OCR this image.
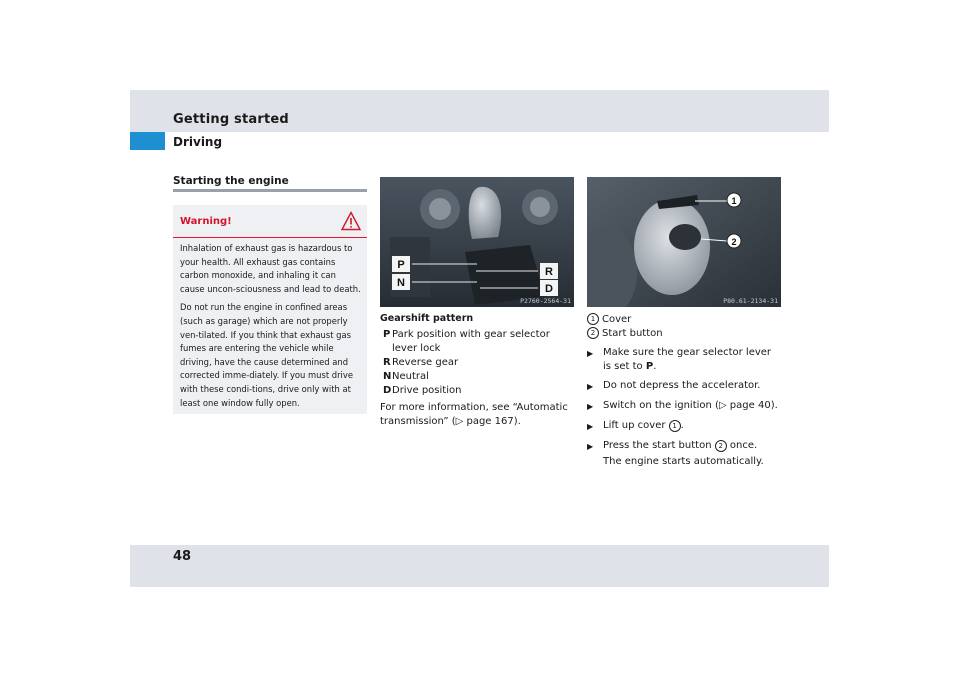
Getting started
Driving
Starting the engine
Warning!

Inhalation of exhaust gas is hazardous to your health. All exhaust gas contains carbon monoxide, and inhaling it can cause uncon-sciousness and lead to death.

Do not run the engine in confined areas (such as garage) which are not properly ven-tilated. If you think that exhaust gas fumes are entering the vehicle while driving, have the cause determined and corrected imme-diately. If you must drive with these condi-tions, drive only with at least one window fully open.

P
N
R
D
P2760-2564-31
Gearshift pattern
P Park position with gear selector lever lock
R Reverse gear
N Neutral
D Drive position
For more information, see “Automatic transmission” (▷ page 167).
1
2
P80.61-2134-31
1 Cover
2 Start button
▶ Make sure the gear selector lever is set to P.
▶ Do not depress the accelerator.
▶ Switch on the ignition (▷ page 40).
▶ Lift up cover 1 .
▶ Press the start button 2 once.
The engine starts automatically.
48
